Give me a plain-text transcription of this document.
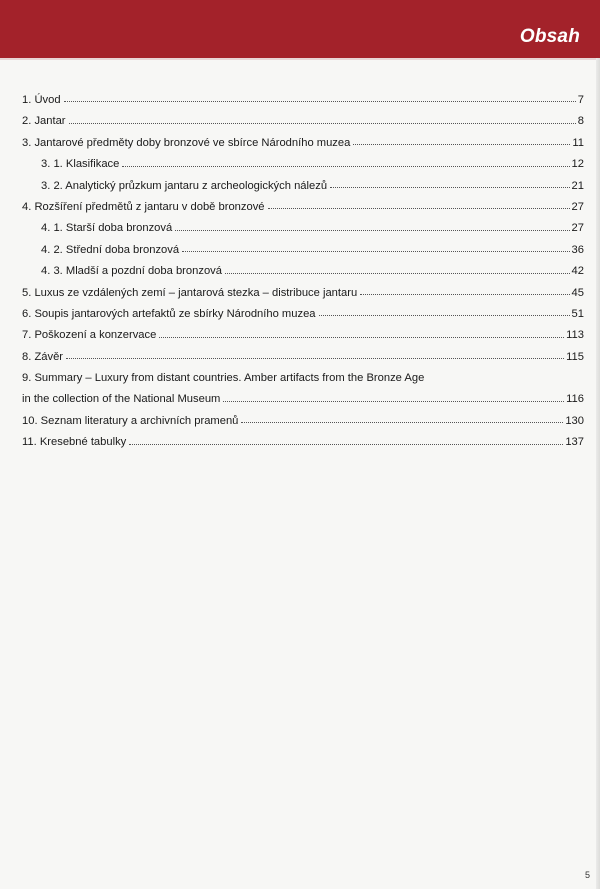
Obsah
1. Úvod	7
2. Jantar	8
3. Jantarové předměty doby bronzové ve sbírce Národního muzea	11
3. 1. Klasifikace	12
3. 2. Analytický průzkum jantaru z archeologických nálezů	21
4. Rozšíření předmětů z jantaru v době bronzové	27
4. 1. Starší doba bronzová	27
4. 2. Střední doba bronzová	36
4. 3. Mladší a pozdní doba bronzová	42
5. Luxus ze vzdálených zemí – jantarová stezka – distribuce jantaru	45
6. Soupis jantarových artefaktů ze sbírky Národního muzea	51
7. Poškození a konzervace	113
8. Závěr	115
9. Summary – Luxury from distant countries. Amber artifacts from the Bronze Age
in the collection of the National Museum	116
10. Seznam literatury a archivních pramenů	130
11. Kresebné tabulky	137
5
